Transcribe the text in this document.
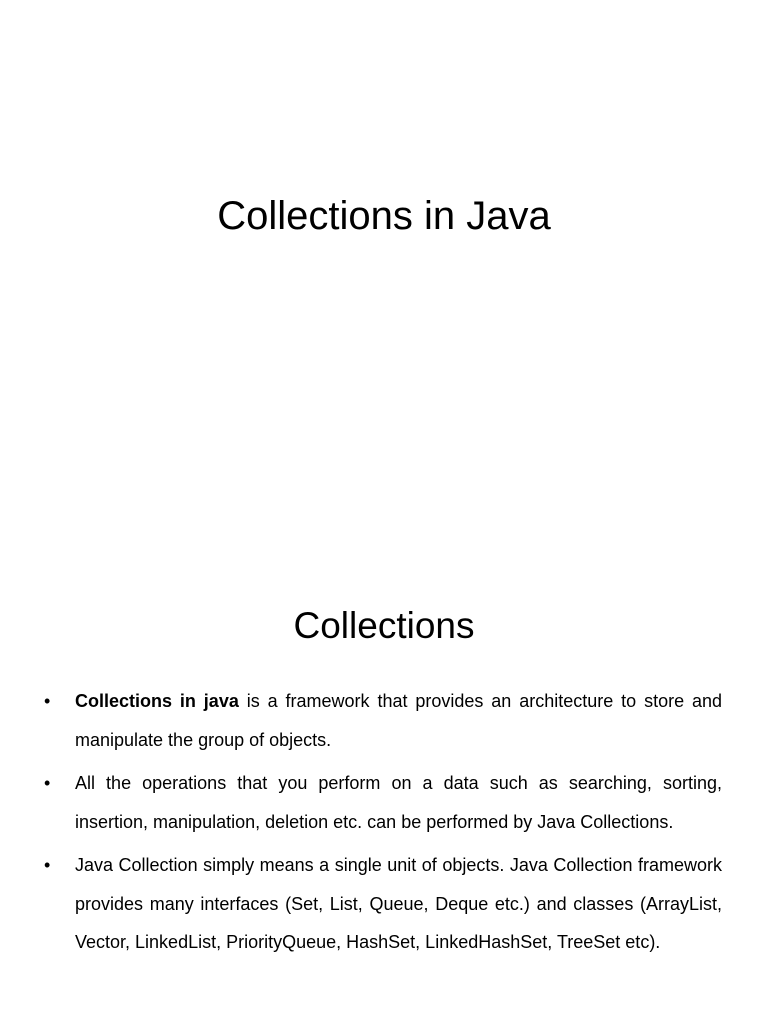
Collections in Java
Collections
• Collections in java is a framework that provides an architecture to store and manipulate the group of objects.
• All the operations that you perform on a data such as searching, sorting, insertion, manipulation, deletion etc. can be performed by Java Collections.
• Java Collection simply means a single unit of objects. Java Collection framework provides many interfaces (Set, List, Queue, Deque etc.) and classes (ArrayList, Vector, LinkedList, PriorityQueue, HashSet, LinkedHashSet, TreeSet etc).
